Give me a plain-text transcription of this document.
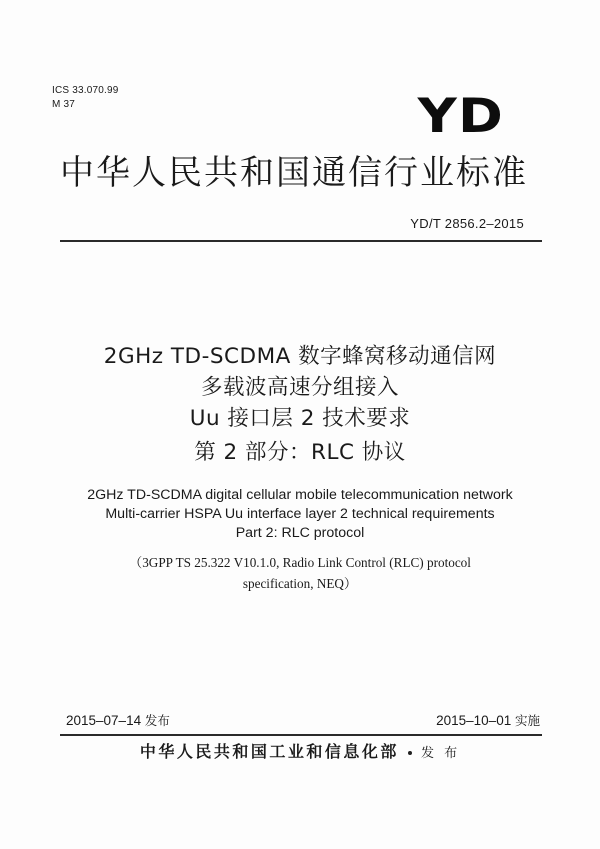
ICS 33.070.99
M 37	YD
中华人民共和国通信行业标准
YD/T 2856.2–2015
2GHz TD-SCDMA 数字蜂窝移动通信网
多载波高速分组接入
Uu 接口层 2 技术要求
第 2 部分：RLC 协议
2GHz TD-SCDMA digital cellular mobile telecommunication network
Multi-carrier HSPA Uu interface layer 2 technical requirements
Part 2: RLC protocol
（3GPP TS 25.322 V10.1.0, Radio Link Control (RLC) protocol
specification, NEQ）
2015–07–14 发布	2015–10–01 实施
中华人民共和国工业和信息化部 发 布
